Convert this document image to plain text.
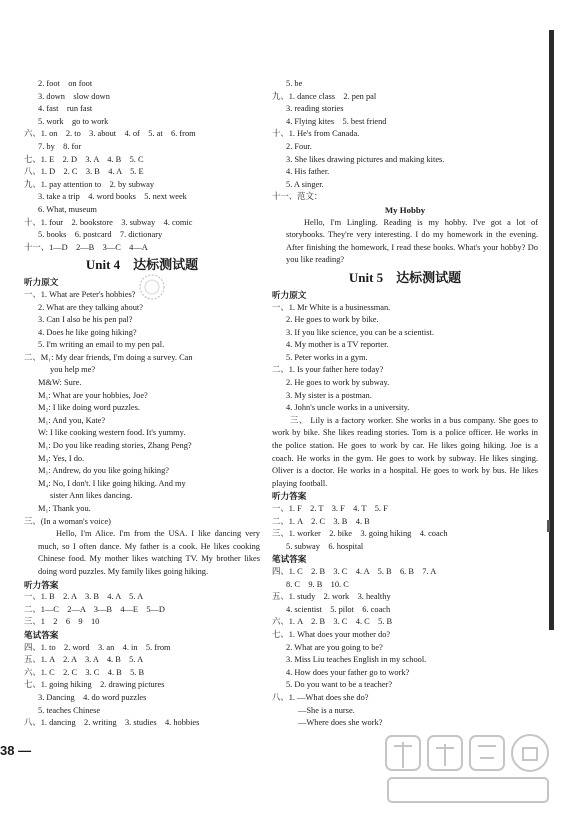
2. foot    on foot
3. down    slow down
4. fast    run fast
5. work    go to work
六、1. on    2. to    3. about    4. of    5. at    6. from
7. by    8. for
七、1. E    2. D    3. A    4. B    5. C
八、1. D    2. C    3. B    4. A    5. E
九、1. pay attention to    2. by subway
3. take a trip    4. word books    5. next week
6. What, museum
十、1. four    2. bookstore    3. subway    4. comic
5. books    6. postcard    7. dictionary
十一、1—D    2—B    3—C    4—A
Unit 4    达标测试题
听力原文
一、1. What are Peter's hobbies?
2. What are they talking about?
3. Can I also be his pen pal?
4. Does he like going hiking?
5. I'm writing an email to my pen pal.
二、M₁: My dear friends, I'm doing a survey. Can
you help me?
M&W: Sure.
M₁: What are your hobbies, Joe?
M₂: I like doing word puzzles.
M₁: And you, Kate?
W: I like cooking western food. It's yummy.
M₁: Do you like reading stories, Zhang Peng?
M₃: Yes, I do.
M₁: Andrew, do you like going hiking?
M₄: No, I don't. I like going hiking. And my
sister Ann likes dancing.
M₁: Thank you.
三、(In a woman's voice)
Hello, I'm Alice. I'm from the USA. I like dancing very much, so I often dance. My father is a cook. He likes cooking Chinese food. My mother likes watching TV. My brother likes doing word puzzles. My family likes going hiking.
听力答案
一、1. B    2. A    3. B    4. A    5. A
二、1—C    2—A    3—B    4—E    5—D
三、1    2    6    9    10
笔试答案
四、1. to    2. word    3. an    4. in    5. from
五、1. A    2. A    3. A    4. B    5. A
六、1. C    2. C    3. C    4. B    5. B
七、1. going hiking    2. drawing pictures
3. Dancing    4. do word puzzles
5. teaches Chinese
八、1. dancing    2. writing    3. studies    4. hobbies
5. be
九、1. dance class    2. pen pal
3. reading stories
4. Flying kites    5. best friend
十、1. He's from Canada.
2. Four.
3. She likes drawing pictures and making kites.
4. His father.
5. A singer.
十一、范文：
My Hobby
Hello, I'm Lingling. Reading is my hobby. I've got a lot of storybooks. They're very interesting. I do my homework in the evening. After finishing the homework, I read these books. What's your hobby? Do you like reading?
Unit 5    达标测试题
听力原文
一、1. Mr White is a businessman.
2. He goes to work by bike.
3. If you like science, you can be a scientist.
4. My mother is a TV reporter.
5. Peter works in a gym.
二、1. Is your father here today?
2. He goes to work by subway.
3. My sister is a postman.
4. John's uncle works in a university.
三、 Lily is a factory worker. She works in a bus company. She goes to work by bike. She likes reading stories. Tom is a police officer. He works in the police station. He goes to work by car. He likes going hiking. Joe is a coach. He works in the gym. He goes to work by subway. He likes singing. Oliver is a doctor. He works in a hospital. He goes to work by bus. He likes playing football.
听力答案
一、1. F    2. T    3. F    4. T    5. F
二、1. A    2. C    3. B    4. B
三、1. worker    2. bike    3. going hiking    4. coach
5. subway    6. hospital
笔试答案
四、1. C    2. B    3. C    4. A    5. B    6. B    7. A
8. C    9. B    10. C
五、1. study    2. work    3. healthy
4. scientist    5. pilot    6. coach
六、1. A    2. B    3. C    4. C    5. B
七、1. What does your mother do?
2. What are you going to be?
3. Miss Liu teaches English in my school.
4. How does your father go to work?
5. Do you want to be a teacher?
八、1. —What does she do?
—She is a nurse.
—Where does she work?
38 —
